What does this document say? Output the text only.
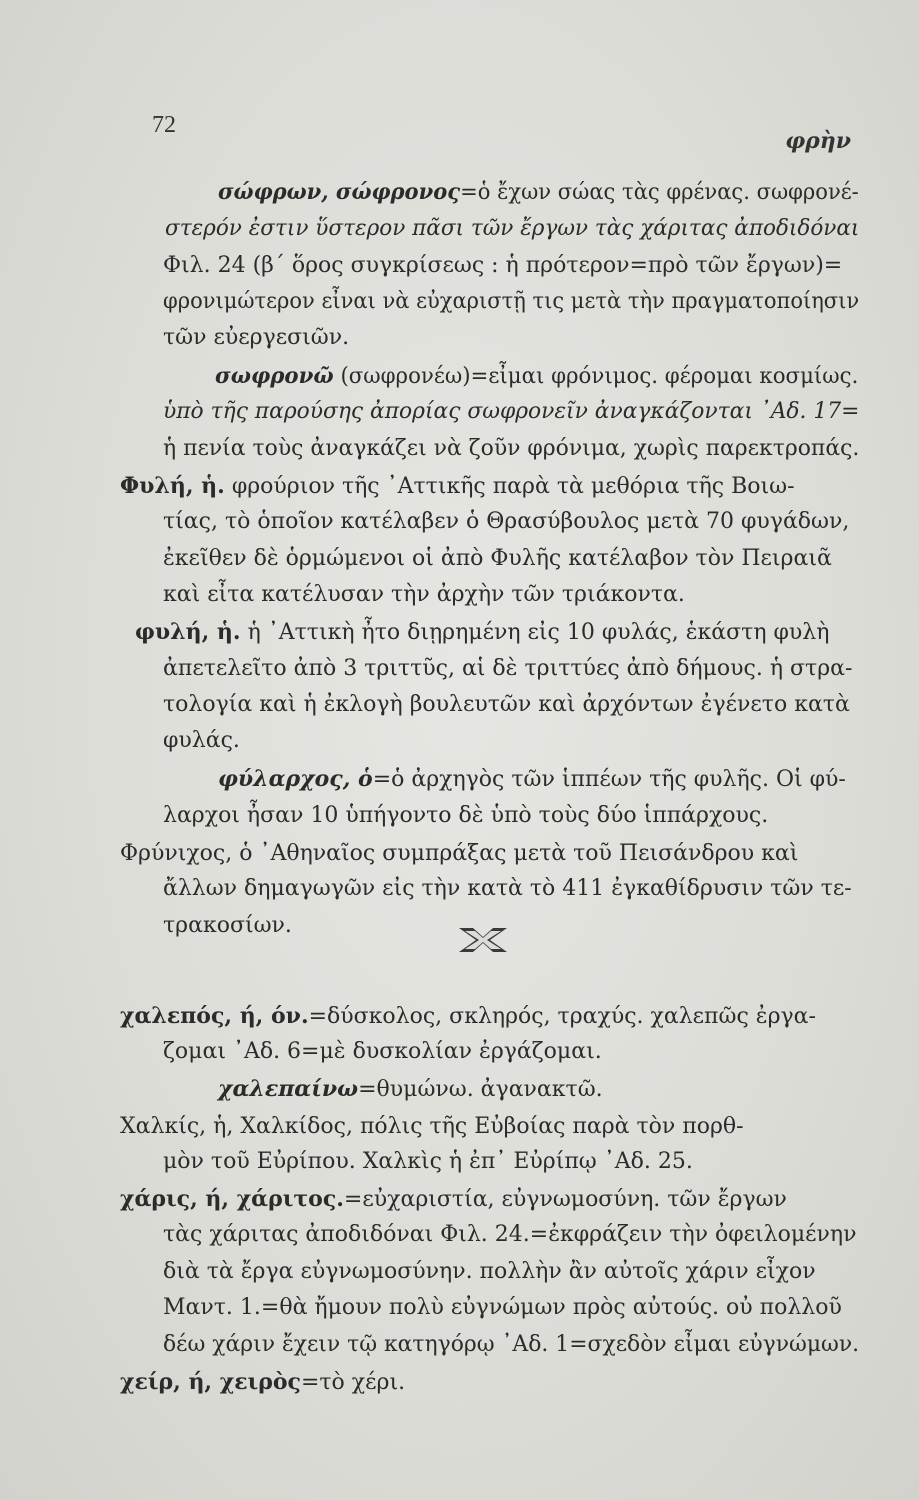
72
φρὴν
σώφρων, σώφρονος=ὁ ἔχων σώας τὰς φρένας. σωφρονέ-
στερόν ἐστιν ὕστερον πᾶσι τῶν ἔργων τὰς χάριτας ἀποδιδόναι
Φιλ. 24 (β΄ ὅρος συγκρίσεως : ἡ πρότερον=πρὸ τῶν ἔργων)=
φρονιμώτερον εἶναι νὰ εὐχαριστῇ τις μετὰ τὴν πραγματοποίησιν
τῶν εὐεργεσιῶν.
σωφρονῶ (σωφρονέω)=εἶμαι φρόνιμος. φέρομαι κοσμίως.
ὑπὸ τῆς παρούσης ἀπορίας σωφρονεῖν ἀναγκάζονται ᾿Αδ. 17=
ἡ πενία τοὺς ἀναγκάζει νὰ ζοῦν φρόνιμα, χωρὶς παρεκτροπάς.
Φυλή, ἡ. φρούριον τῆς ᾿Αττικῆς παρὰ τὰ μεθόρια τῆς Βοιω-
τίας, τὸ ὁποῖον κατέλαβεν ὁ Θρασύβουλος μετὰ 70 φυγάδων,
ἐκεῖθεν δὲ ὁρμώμενοι οἱ ἀπὸ Φυλῆς κατέλαβον τὸν Πειραιᾶ
καὶ εἶτα κατέλυσαν τὴν ἀρχὴν τῶν τριάκοντα.
φυλή, ἡ. ἡ ᾿Αττικὴ ἦτο διῃρημένη εἰς 10 φυλάς, ἑκάστη φυλὴ
ἀπετελεῖτο ἀπὸ 3 τριττῦς, αἱ δὲ τριττύες ἀπὸ δήμους. ἡ στρα-
τολογία καὶ ἡ ἐκλογὴ βουλευτῶν καὶ ἀρχόντων ἐγένετο κατὰ
φυλάς.
φύλαρχος, ὁ=ὁ ἀρχηγὸς τῶν ἱππέων τῆς φυλῆς. Οἱ φύ-
λαρχοι ἦσαν 10 ὑπήγοντο δὲ ὑπὸ τοὺς δύο ἱππάρχους.
Φρύνιχος, ὁ ᾿Αθηναῖος συμπράξας μετὰ τοῦ Πεισάνδρου καὶ
ἄλλων δημαγωγῶν εἰς τὴν κατὰ τὸ 411 ἐγκαθίδρυσιν τῶν τε-
τρακοσίων.
χαλεπός, ή, όν.=δύσκολος, σκληρός, τραχύς. χαλεπῶς ἐργα-
ζομαι ᾿Αδ. 6=μὲ δυσκολίαν ἐργάζομαι.
χαλεπαίνω=θυμώνω. ἀγανακτῶ.
Χαλκίς, ἡ, Χαλκίδος, πόλις τῆς Εὐβοίας παρὰ τὸν πορθ-
μὸν τοῦ Εὐρίπου. Χαλκὶς ἡ ἐπ᾿ Εὐρίπῳ ᾿Αδ. 25.
χάρις, ή, χάριτος.=εὐχαριστία, εὐγνωμοσύνη. τῶν ἔργων
τὰς χάριτας ἀποδιδόναι Φιλ. 24.=ἐκφράζειν τὴν ὀφειλομένην
διὰ τὰ ἔργα εὐγνωμοσύνην. πολλὴν ἂν αὐτοῖς χάριν εἶχον
Μαντ. 1.=θὰ ἤμουν πολὺ εὐγνώμων πρὸς αὐτούς. οὐ πολλοῦ
δέω χάριν ἔχειν τῷ κατηγόρῳ ᾿Αδ. 1=σχεδὸν εἶμαι εὐγνώμων.
χείρ, ή, χειρὸς=τὸ χέρι.
